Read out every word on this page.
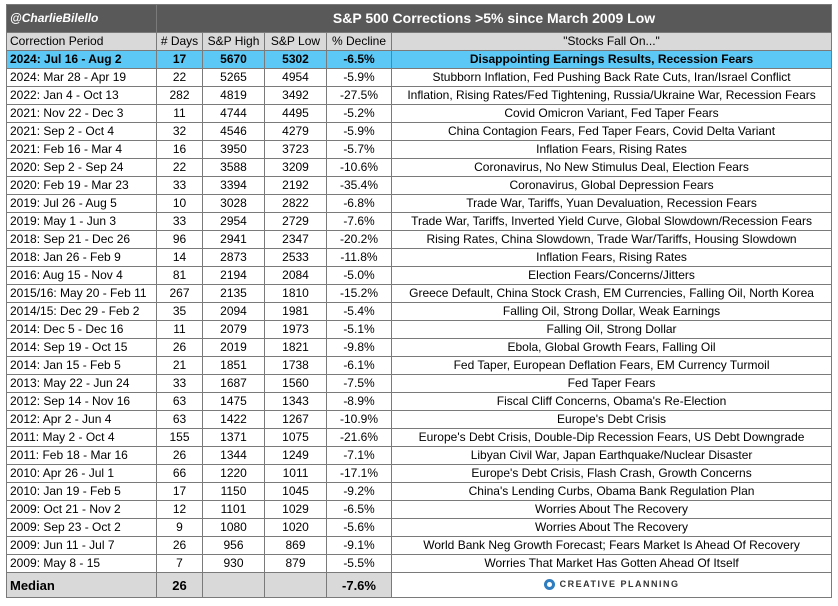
@CharlieBilello	S&P 500 Corrections >5% since March 2009 Low				
Correction Period	# Days	S&P High	S&P Low	% Decline	"Stocks Fall On..."
2024: Jul 16 - Aug 2	17	5670	5302	-6.5%	Disappointing Earnings Results, Recession Fears
2024: Mar 28 - Apr 19	22	5265	4954	-5.9%	Stubborn Inflation, Fed Pushing Back Rate Cuts, Iran/Israel Conflict
2022: Jan 4 - Oct 13	282	4819	3492	-27.5%	Inflation, Rising Rates/Fed Tightening, Russia/Ukraine War, Recession Fears
2021: Nov 22 - Dec 3	11	4744	4495	-5.2%	Covid Omicron Variant, Fed Taper Fears
2021: Sep 2 - Oct 4	32	4546	4279	-5.9%	China Contagion Fears, Fed Taper Fears, Covid Delta Variant
2021: Feb 16 - Mar 4	16	3950	3723	-5.7%	Inflation Fears, Rising Rates
2020: Sep 2 - Sep 24	22	3588	3209	-10.6%	Coronavirus, No New Stimulus Deal, Election Fears
2020: Feb 19 - Mar 23	33	3394	2192	-35.4%	Coronavirus, Global Depression Fears
2019: Jul 26 - Aug 5	10	3028	2822	-6.8%	Trade War, Tariffs, Yuan Devaluation, Recession Fears
2019: May 1 - Jun 3	33	2954	2729	-7.6%	Trade War, Tariffs, Inverted Yield Curve, Global Slowdown/Recession Fears
2018: Sep 21 - Dec 26	96	2941	2347	-20.2%	Rising Rates, China Slowdown, Trade War/Tariffs, Housing Slowdown
2018: Jan 26 - Feb 9	14	2873	2533	-11.8%	Inflation Fears, Rising Rates
2016: Aug 15 - Nov 4	81	2194	2084	-5.0%	Election Fears/Concerns/Jitters
2015/16: May 20 - Feb 11	267	2135	1810	-15.2%	Greece Default, China Stock Crash, EM Currencies, Falling Oil, North Korea
2014/15: Dec 29 - Feb 2	35	2094	1981	-5.4%	Falling Oil, Strong Dollar, Weak Earnings
2014: Dec 5 - Dec 16	11	2079	1973	-5.1%	Falling Oil, Strong Dollar
2014: Sep 19 - Oct 15	26	2019	1821	-9.8%	Ebola, Global Growth Fears, Falling Oil
2014: Jan 15 - Feb 5	21	1851	1738	-6.1%	Fed Taper, European Deflation Fears, EM Currency Turmoil
2013: May 22 - Jun 24	33	1687	1560	-7.5%	Fed Taper Fears
2012: Sep 14 - Nov 16	63	1475	1343	-8.9%	Fiscal Cliff Concerns, Obama's Re-Election
2012: Apr 2 - Jun 4	63	1422	1267	-10.9%	Europe's Debt Crisis
2011: May 2 - Oct 4	155	1371	1075	-21.6%	Europe's Debt Crisis, Double-Dip Recession Fears, US Debt Downgrade
2011: Feb 18 - Mar 16	26	1344	1249	-7.1%	Libyan Civil War, Japan Earthquake/Nuclear Disaster
2010: Apr 26 - Jul 1	66	1220	1011	-17.1%	Europe's Debt Crisis, Flash Crash, Growth Concerns
2010: Jan 19 - Feb 5	17	1150	1045	-9.2%	China's Lending Curbs, Obama Bank Regulation Plan
2009: Oct 21 - Nov 2	12	1101	1029	-6.5%	Worries About The Recovery
2009: Sep 23 - Oct 2	9	1080	1020	-5.6%	Worries About The Recovery
2009: Jun 11 - Jul 7	26	956	869	-9.1%	World Bank Neg Growth Forecast; Fears Market Is Ahead Of Recovery
2009: May 8 - 15	7	930	879	-5.5%	Worries That Market Has Gotten Ahead Of Itself
Median	26			-7.6%	CREATIVE PLANNING
